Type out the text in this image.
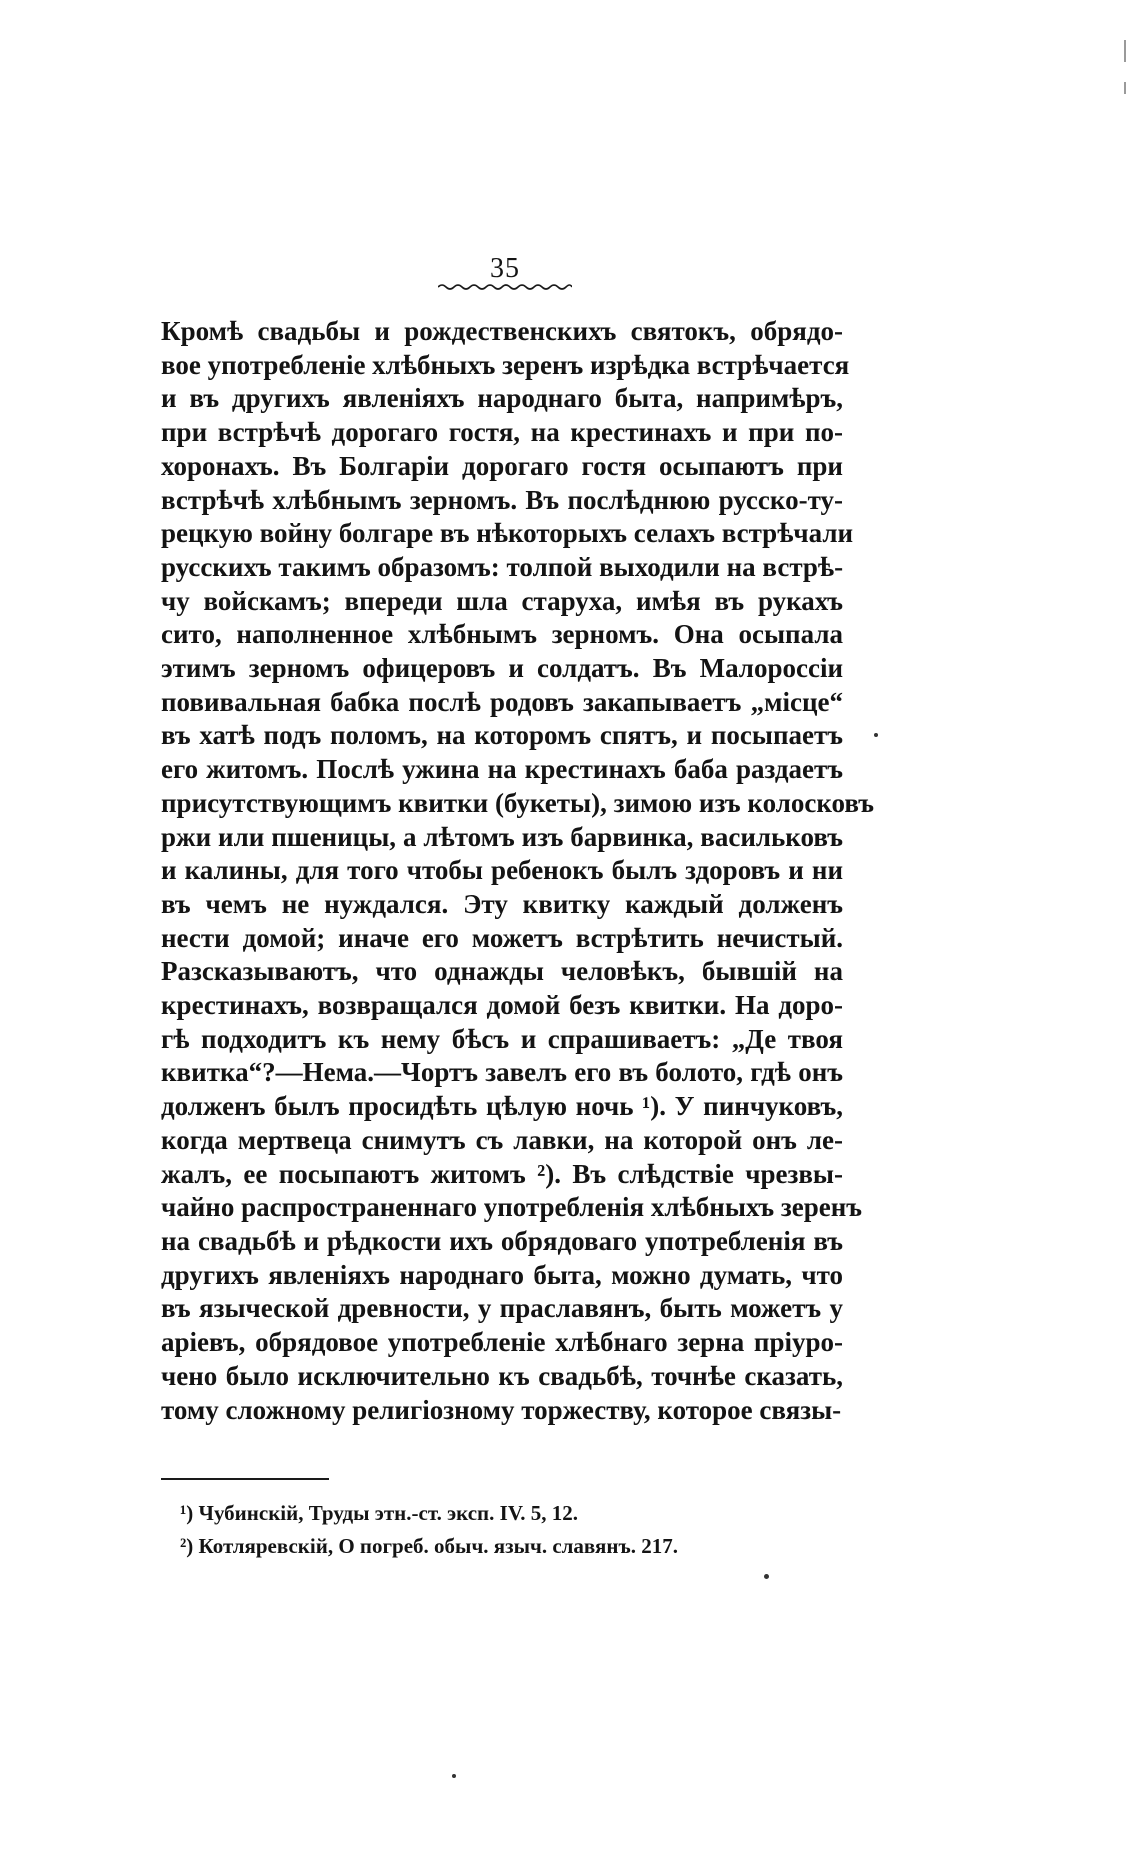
35
Кромѣ свадьбы и рождественскихъ святокъ, обрядо-
вое употребленіе хлѣбныхъ зеренъ изрѣдка встрѣчается
и въ другихъ явленіяхъ народнаго быта, напримѣръ,
при встрѣчѣ дорогаго гостя, на крестинахъ и при по-
хоронахъ. Въ Болгаріи дорогаго гостя осыпаютъ при
встрѣчѣ хлѣбнымъ зерномъ. Въ послѣднюю русско-ту-
рецкую войну болгаре въ нѣкоторыхъ селахъ встрѣчали
русскихъ такимъ образомъ: толпой выходили на встрѣ-
чу войскамъ; впереди шла старуха, имѣя въ рукахъ
сито, наполненное хлѣбнымъ зерномъ. Она осыпала
этимъ зерномъ офицеровъ и солдатъ. Въ Малороссіи
повивальная бабка послѣ родовъ закапываетъ „місце“
въ хатѣ подъ поломъ, на которомъ спятъ, и посыпаетъ
его житомъ. Послѣ ужина на крестинахъ баба раздаетъ
присутствующимъ квитки (букеты), зимою изъ колосковъ
ржи или пшеницы, а лѣтомъ изъ барвинка, васильковъ
и калины, для того чтобы ребенокъ былъ здоровъ и ни
въ чемъ не нуждался. Эту квитку каждый долженъ
нести домой; иначе его можетъ встрѣтить нечистый.
Разсказываютъ, что однажды человѣкъ, бывшій на
крестинахъ, возвращался домой безъ квитки. На доро-
гѣ подходитъ къ нему бѣсъ и спрашиваетъ: „Де твоя
квитка“?—Нема.—Чортъ завелъ его въ болото, гдѣ онъ
долженъ былъ просидѣть цѣлую ночь ¹). У пинчуковъ,
когда мертвеца снимутъ съ лавки, на которой онъ ле-
жалъ, ее посыпаютъ житомъ ²). Въ слѣдствіе чрезвы-
чайно распространеннаго употребленія хлѣбныхъ зеренъ
на свадьбѣ и рѣдкости ихъ обрядоваго употребленія въ
другихъ явленіяхъ народнаго быта, можно думать, что
въ языческой древности, у праславянъ, быть можетъ у
аріевъ, обрядовое употребленіе хлѣбнаго зерна пріуро-
чено было исключительно къ свадьбѣ, точнѣе сказать,
тому сложному религіозному торжеству, которое связы-
¹) Чубинскій, Труды этн.-ст. эксп. IV. 5, 12.
²) Котляревскій, О погреб. обыч. языч. славянъ. 217.
